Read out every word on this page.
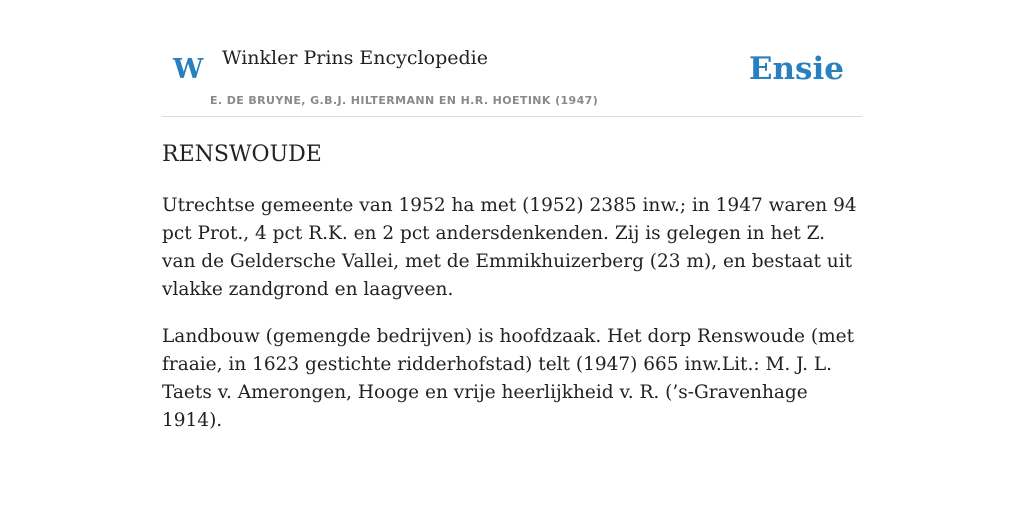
W Winkler Prins Encyclopedie
E. DE BRUYNE, G.B.J. HILTERMANN EN H.R. HOETINK (1947)
Ensie
RENSWOUDE

Utrechtse gemeente van 1952 ha met (1952) 2385 inw.; in 1947 waren 94 pct Prot., 4 pct R.K. en 2 pct andersdenkenden. Zij is gelegen in het Z. van de Geldersche Vallei, met de Emmikhuizerberg (23 m), en bestaat uit vlakke zandgrond en laagveen.

Landbouw (gemengde bedrijven) is hoofdzaak. Het dorp Renswoude (met fraaie, in 1623 gestichte ridderhofstad) telt (1947) 665 inw.Lit.: M. J. L. Taets v. Amerongen, Hooge en vrije heerlijkheid v. R. (’s-Gravenhage 1914).
